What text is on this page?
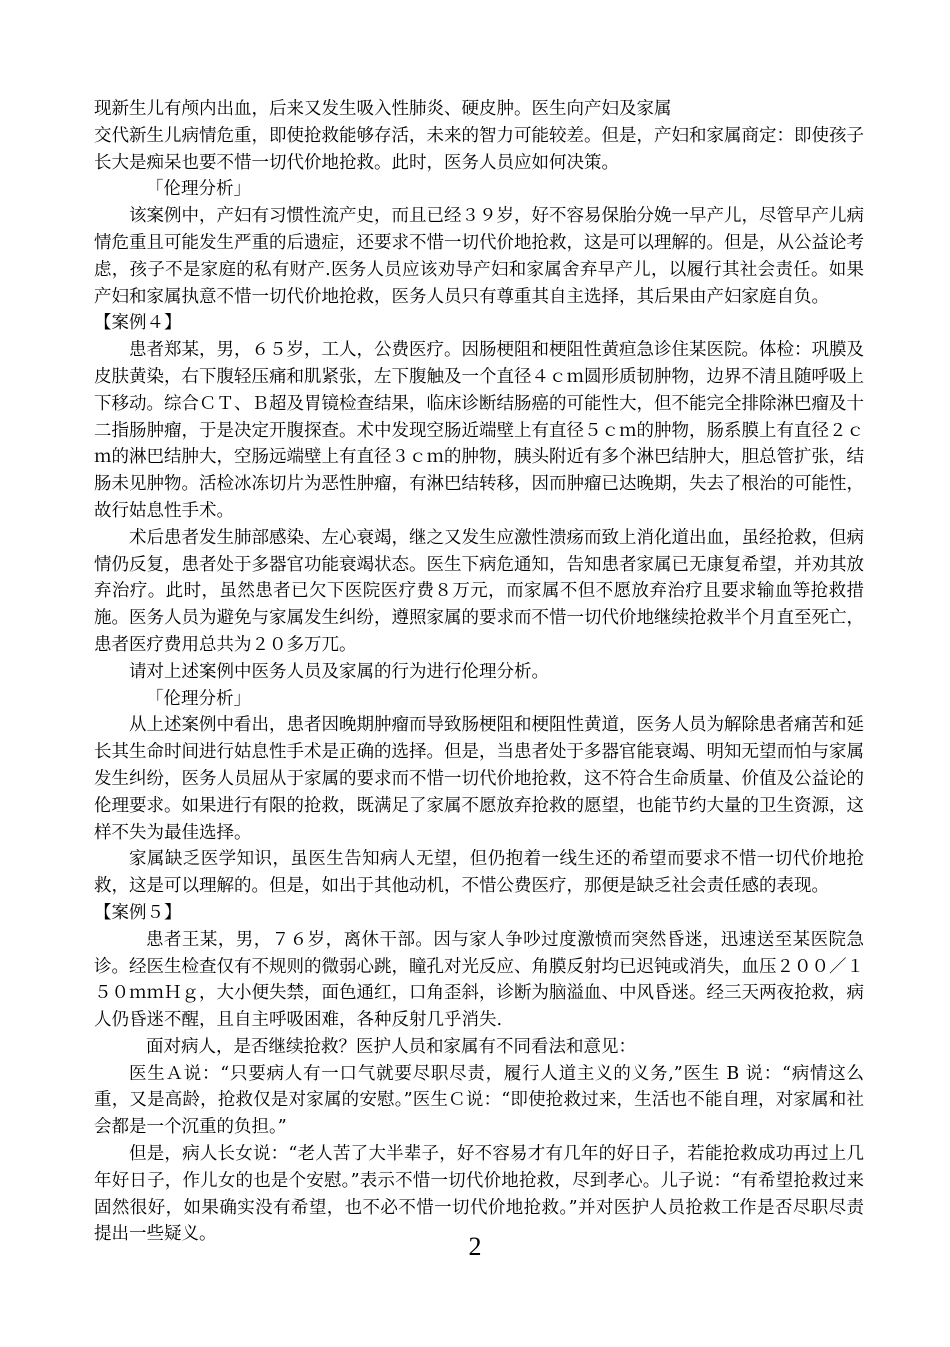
现新生儿有颅内出血，后来又发生吸入性肺炎、硬皮肿。医生向产妇及家属

交代新生儿病情危重，即使抢救能够存活，未来的智力可能较差。但是，产妇和家属商定：即使孩子长大是痴呆也要不惜一切代价地抢救。此时，医务人员应如何决策。

「伦理分析」

该案例中，产妇有习惯性流产史，而且已经３９岁，好不容易保胎分娩一早产儿，尽管早产儿病情危重且可能发生严重的后遗症，还要求不惜一切代价地抢救，这是可以理解的。但是，从公益论考虑，孩子不是家庭的私有财产.医务人员应该劝导产妇和家属舍弃早产儿，以履行其社会责任。如果产妇和家属执意不惜一切代价地抢救，医务人员只有尊重其自主选择，其后果由产妇家庭自负。

【案例４】

患者郑某，男，６５岁，工人，公费医疗。因肠梗阻和梗阻性黄疸急诊住某医院。体检：巩膜及皮肤黄染，右下腹轻压痛和肌紧张，左下腹触及一个直径４ｃｍ圆形质韧肿物，边界不清且随呼吸上下移动。综合ＣＴ、Ｂ超及胃镜检查结果，临床诊断结肠癌的可能性大，但不能完全排除淋巴瘤及十二指肠肿瘤，于是决定开腹探查。术中发现空肠近端壁上有直径５ｃｍ的肿物，肠系膜上有直径２ｃｍ的淋巴结肿大，空肠远端壁上有直径３ｃｍ的肿物，胰头附近有多个淋巴结肿大，胆总管扩张，结肠未见肿物。活检冰冻切片为恶性肿瘤，有淋巴结转移，因而肿瘤已达晚期，失去了根治的可能性，故行姑息性手术。

术后患者发生肺部感染、左心衰竭，继之又发生应激性溃疡而致上消化道出血，虽经抢救，但病情仍反复，患者处于多器官功能衰竭状态。医生下病危通知，告知患者家属已无康复希望，并劝其放弃治疗。此时，虽然患者已欠下医院医疗费８万元，而家属不但不愿放弃治疗且要求输血等抢救措施。医务人员为避免与家属发生纠纷，遵照家属的要求而不惜一切代价地继续抢救半个月直至死亡，患者医疗费用总共为２０多万兀。

请对上述案例中医务人员及家属的行为进行伦理分析。

「伦理分析」

从上述案例中看出，患者因晚期肿瘤而导致肠梗阻和梗阻性黄道，医务人员为解除患者痛苦和延长其生命时间进行姑息性手术是正确的选择。但是，当患者处于多器官能衰竭、明知无望而怕与家属发生纠纷，医务人员屈从于家属的要求而不惜一切代价地抢救，这不符合生命质量、价值及公益论的伦理要求。如果进行有限的抢救，既满足了家属不愿放弃抢救的愿望，也能节约大量的卫生资源，这样不失为最佳选择。

家属缺乏医学知识，虽医生告知病人无望，但仍抱着一线生还的希望而要求不惜一切代价地抢救，这是可以理解的。但是，如出于其他动机，不惜公费医疗，那便是缺乏社会责任感的表现。

【案例５】

患者王某，男，７６岁，离休干部。因与家人争吵过度激愤而突然昏迷，迅速送至某医院急诊。经医生检查仅有不规则的微弱心跳，瞳孔对光反应、角膜反射均已迟钝或消失，血压２００／１５０ｍｍＨｇ，大小便失禁，面色通红，口角歪斜，诊断为脑溢血、中风昏迷。经三天两夜抢救，病人仍昏迷不醒，且自主呼吸困难，各种反射几乎消失.

面对病人，是否继续抢救？医护人员和家属有不同看法和意见：

医生Ａ说：“只要病人有一口气就要尽职尽责，履行人道主义的义务,”医生 B 说：“病情这么重，又是高龄，抢救仅是对家属的安慰。”医生Ｃ说：“即使抢救过来，生活也不能自理，对家属和社会都是一个沉重的负担。”

但是，病人长女说：“老人苦了大半辈子，好不容易才有几年的好日子，若能抢救成功再过上几年好日子，作儿女的也是个安慰。”表示不惜一切代价地抢救，尽到孝心。儿子说：“有希望抢救过来固然很好，如果确实没有希望，也不必不惜一切代价地抢救。”并对医护人员抢救工作是否尽职尽责提出一些疑义。	2
